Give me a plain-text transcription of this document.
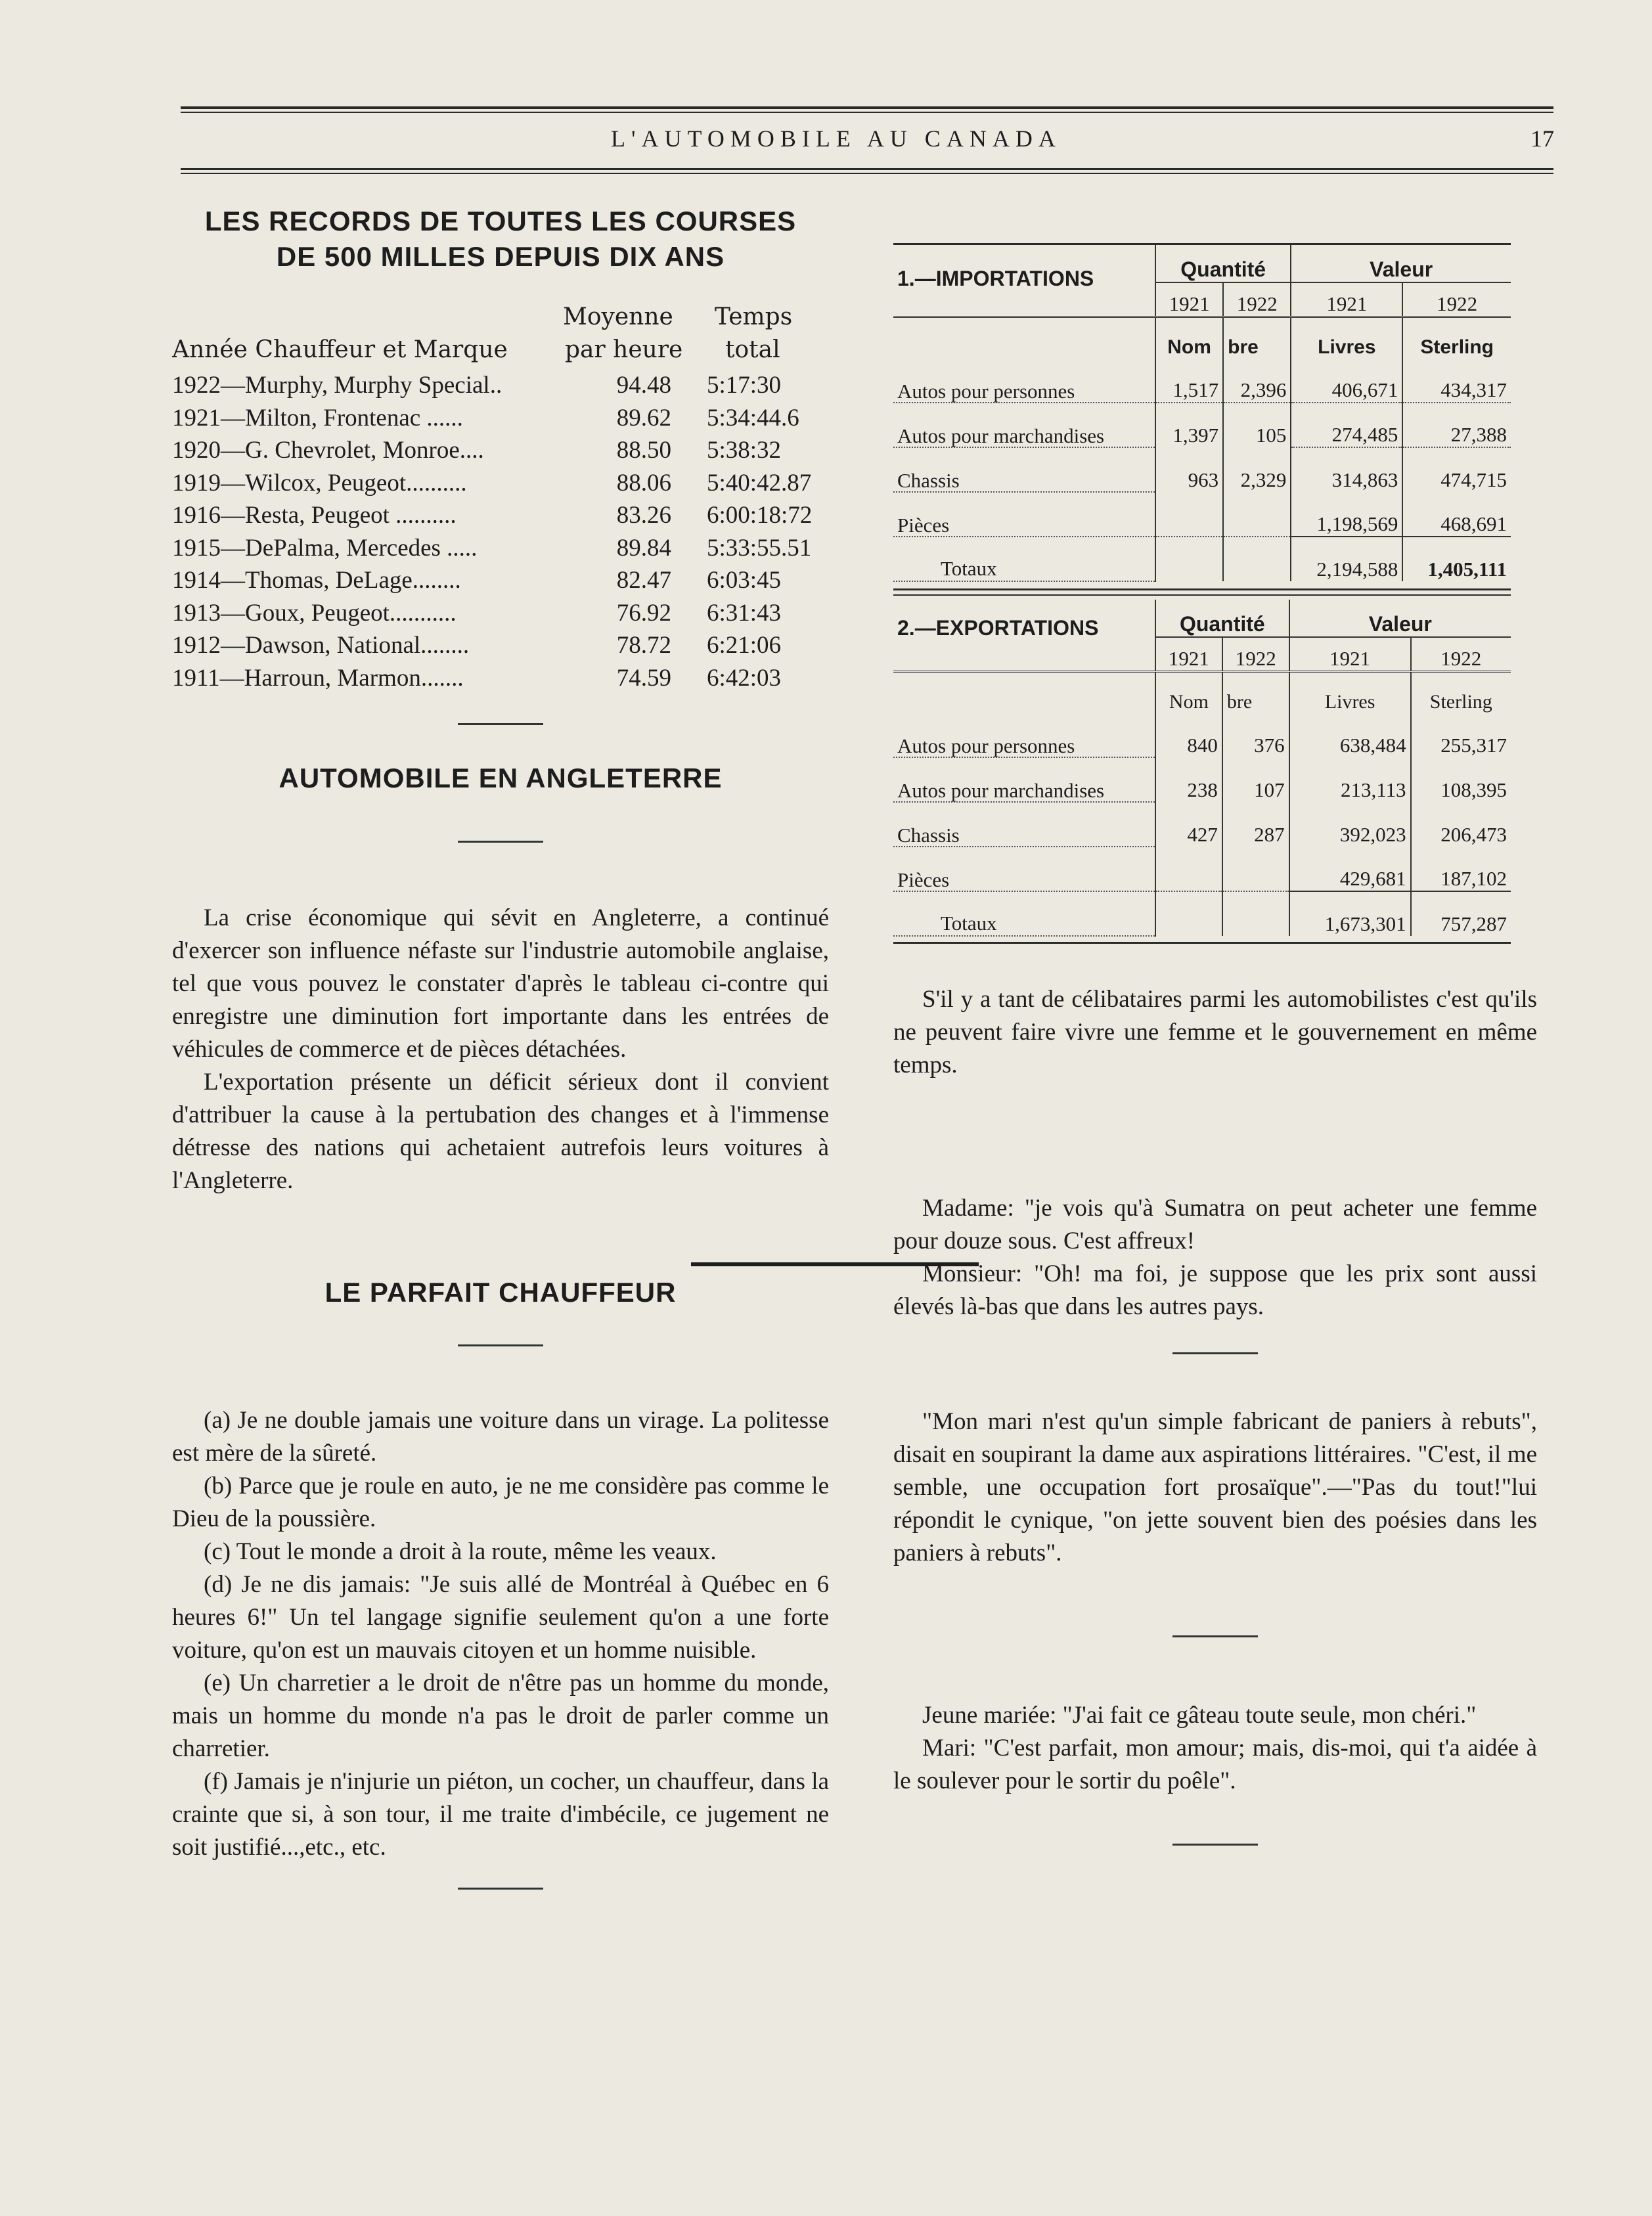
L'AUTOMOBILE AU CANADA	17
LES RECORDS DE TOUTES LES COURSES
DE 500 MILLES DEPUIS DIX ANS
Moyenne Temps
Année Chauffeur et Marque par heure total
1922—Murphy, Murphy Special..	94.48 5:17:30
1921—Milton, Frontenac ......	89.62 5:34:44.6
1920—G. Chevrolet, Monroe....	88.50 5:38:32
1919—Wilcox, Peugeot..........	88.06 5:40:42.87
1916—Resta, Peugeot ..........	83.26 6:00:18:72
1915—DePalma, Mercedes .....	89.84 5:33:55.51
1914—Thomas, DeLage........	82.47 6:03:45
1913—Goux, Peugeot...........	76.92 6:31:43
1912—Dawson, National........	78.72 6:21:06
1911—Harroun, Marmon.......	74.59 6:42:03
AUTOMOBILE EN ANGLETERRE

La crise économique qui sévit en Angleterre, a continué d'exercer son influence néfaste sur l'industrie automobile anglaise, tel que vous pouvez le constater d'après le tableau ci-contre qui enregistre une diminution fort importante dans les entrées de véhicules de commerce et de pièces détachées.

L'exportation présente un déficit sérieux dont il convient d'attribuer la cause à la pertubation des changes et à l'immense détresse des nations qui achetaient autrefois leurs voitures à l'Angleterre.

LE PARFAIT CHAUFFEUR

(a) Je ne double jamais une voiture dans un virage. La politesse est mère de la sûreté.

(b) Parce que je roule en auto, je ne me considère pas comme le Dieu de la poussière.

(c) Tout le monde a droit à la route, même les veaux.

(d) Je ne dis jamais: "Je suis allé de Montréal à Québec en 6 heures 6!" Un tel langage signifie seulement qu'on a une forte voiture, qu'on est un mauvais citoyen et un homme nuisible.

(e) Un charretier a le droit de n'être pas un homme du monde, mais un homme du monde n'a pas le droit de parler comme un charretier.

(f) Jamais je n'injurie un piéton, un cocher, un chauffeur, dans la crainte que si, à son tour, il me traite d'imbécile, ce jugement ne soit justifié...,etc., etc.

1.—IMPORTATIONS	Quantité		Valeur	
	1921	1922	1921	1922
	Nom	bre	Livres	Sterling
Autos pour personnes	1,517	2,396	406,671	434,317
Autos pour marchandises	1,397	105	274,485	27,388
Chassis	963	2,329	314,863	474,715
Pièces			1,198,569	468,691
Totaux			2,194,588	1,405,111
2.—EXPORTATIONS	Quantité		Valeur	
	1921	1922	1921	1922
	Nom	bre	Livres	Sterling
Autos pour personnes	840	376	638,484	255,317
Autos pour marchandises	238	107	213,113	108,395
Chassis	427	287	392,023	206,473
Pièces			429,681	187,102
Totaux			1,673,301	757,287

S'il y a tant de célibataires parmi les automobilistes c'est qu'ils ne peuvent faire vivre une femme et le gouvernement en même temps.

Madame: "je vois qu'à Sumatra on peut acheter une femme pour douze sous. C'est affreux!

Monsieur: "Oh! ma foi, je suppose que les prix sont aussi élevés là-bas que dans les autres pays.

"Mon mari n'est qu'un simple fabricant de paniers à rebuts", disait en soupirant la dame aux aspirations littéraires. "C'est, il me semble, une occupation fort prosaïque".—"Pas du tout!"lui répondit le cynique, "on jette souvent bien des poésies dans les paniers à rebuts".

Jeune mariée: "J'ai fait ce gâteau toute seule, mon chéri."

Mari: "C'est parfait, mon amour; mais, dis-moi, qui t'a aidée à le soulever pour le sortir du poêle".
